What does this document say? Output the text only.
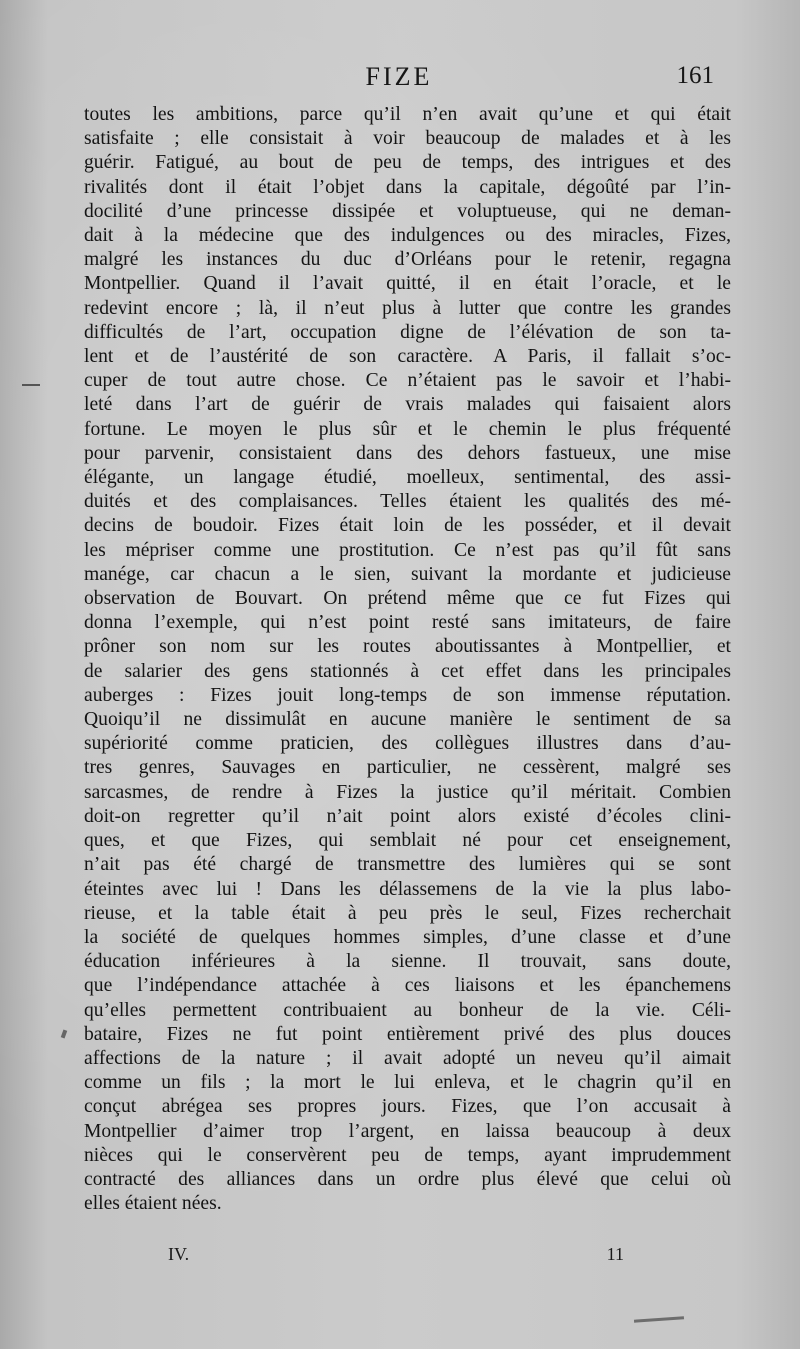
FIZE	161
toutes les ambitions, parce qu’il n’en avait qu’une et qui était
satisfaite ; elle consistait à voir beaucoup de malades et à les
guérir. Fatigué, au bout de peu de temps, des intrigues et des
rivalités dont il était l’objet dans la capitale, dégoûté par l’in-
docilité d’une princesse dissipée et voluptueuse, qui ne deman-
dait à la médecine que des indulgences ou des miracles, Fizes,
malgré les instances du duc d’Orléans pour le retenir, regagna
Montpellier. Quand il l’avait quitté, il en était l’oracle, et le
redevint encore ; là, il n’eut plus à lutter que contre les grandes
difficultés de l’art, occupation digne de l’élévation de son ta-
lent et de l’austérité de son caractère. A Paris, il fallait s’oc-
cuper de tout autre chose. Ce n’étaient pas le savoir et l’habi-
leté dans l’art de guérir de vrais malades qui faisaient alors
fortune. Le moyen le plus sûr et le chemin le plus fréquenté
pour parvenir, consistaient dans des dehors fastueux, une mise
élégante, un langage étudié, moelleux, sentimental, des assi-
duités et des complaisances. Telles étaient les qualités des mé-
decins de boudoir. Fizes était loin de les posséder, et il devait
les mépriser comme une prostitution. Ce n’est pas qu’il fût sans
manége, car chacun a le sien, suivant la mordante et judicieuse
observation de Bouvart. On prétend même que ce fut Fizes qui
donna l’exemple, qui n’est point resté sans imitateurs, de faire
prôner son nom sur les routes aboutissantes à Montpellier, et
de salarier des gens stationnés à cet effet dans les principales
auberges : Fizes jouit long-temps de son immense réputation.
Quoiqu’il ne dissimulât en aucune manière le sentiment de sa
supériorité comme praticien, des collègues illustres dans d’au-
tres genres, Sauvages en particulier, ne cessèrent, malgré ses
sarcasmes, de rendre à Fizes la justice qu’il méritait. Combien
doit-on regretter qu’il n’ait point alors existé d’écoles clini-
ques, et que Fizes, qui semblait né pour cet enseignement,
n’ait pas été chargé de transmettre des lumières qui se sont
éteintes avec lui ! Dans les délassemens de la vie la plus labo-
rieuse, et la table était à peu près le seul, Fizes recherchait
la société de quelques hommes simples, d’une classe et d’une
éducation inférieures à la sienne. Il trouvait, sans doute,
que l’indépendance attachée à ces liaisons et les épanchemens
qu’elles permettent contribuaient au bonheur de la vie. Céli-
bataire, Fizes ne fut point entièrement privé des plus douces
affections de la nature ; il avait adopté un neveu qu’il aimait
comme un fils ; la mort le lui enleva, et le chagrin qu’il en
conçut abrégea ses propres jours. Fizes, que l’on accusait à
Montpellier d’aimer trop l’argent, en laissa beaucoup à deux
nièces qui le conservèrent peu de temps, ayant imprudemment
contracté des alliances dans un ordre plus élevé que celui où
elles étaient nées.
IV.	11
